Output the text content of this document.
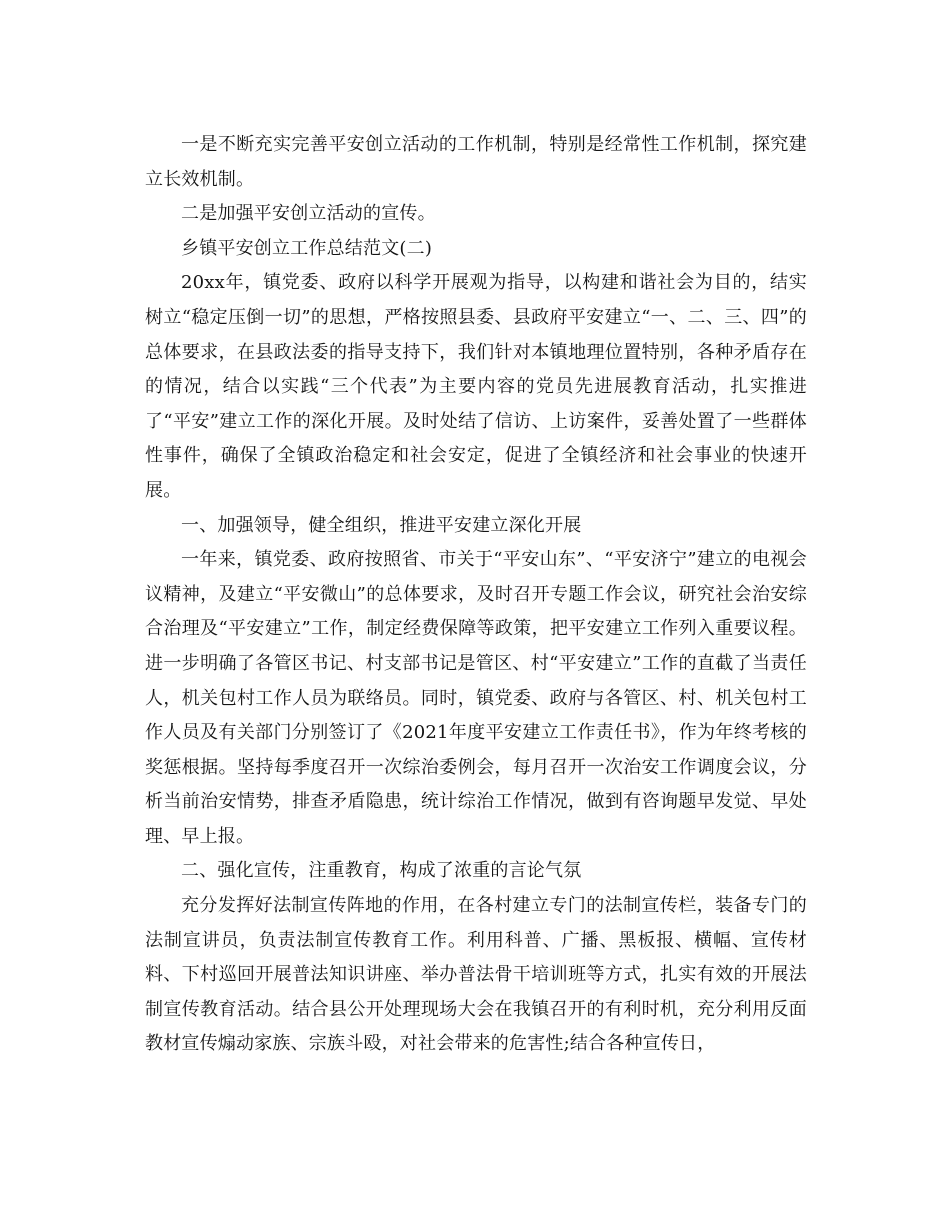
一是不断充实完善平安创立活动的工作机制，特别是经常性工作机制，探究建立长效机制。

二是加强平安创立活动的宣传。

乡镇平安创立工作总结范文(二)

20xx年，镇党委、政府以科学开展观为指导，以构建和谐社会为目的，结实树立“稳定压倒一切”的思想，严格按照县委、县政府平安建立“一、二、三、四”的总体要求，在县政法委的指导支持下，我们针对本镇地理位置特别，各种矛盾存在的情况，结合以实践“三个代表”为主要内容的党员先进展教育活动，扎实推进了“平安”建立工作的深化开展。及时处结了信访、上访案件，妥善处置了一些群体性事件，确保了全镇政治稳定和社会安定，促进了全镇经济和社会事业的快速开展。

一、加强领导，健全组织，推进平安建立深化开展

一年来，镇党委、政府按照省、市关于“平安山东”、“平安济宁”建立的电视会议精神，及建立“平安微山”的总体要求，及时召开专题工作会议，研究社会治安综合治理及“平安建立”工作，制定经费保障等政策，把平安建立工作列入重要议程。进一步明确了各管区书记、村支部书记是管区、村“平安建立”工作的直截了当责任人，机关包村工作人员为联络员。同时，镇党委、政府与各管区、村、机关包村工作人员及有关部门分别签订了《2021年度平安建立工作责任书》，作为年终考核的奖惩根据。坚持每季度召开一次综治委例会，每月召开一次治安工作调度会议，分析当前治安情势，排查矛盾隐患，统计综治工作情况，做到有咨询题早发觉、早处理、早上报。

二、强化宣传，注重教育，构成了浓重的言论气氛

充分发挥好法制宣传阵地的作用，在各村建立专门的法制宣传栏，装备专门的法制宣讲员，负责法制宣传教育工作。利用科普、广播、黑板报、横幅、宣传材料、下村巡回开展普法知识讲座、举办普法骨干培训班等方式，扎实有效的开展法制宣传教育活动。结合县公开处理现场大会在我镇召开的有利时机，充分利用反面教材宣传煽动家族、宗族斗殴，对社会带来的危害性;结合各种宣传日，
